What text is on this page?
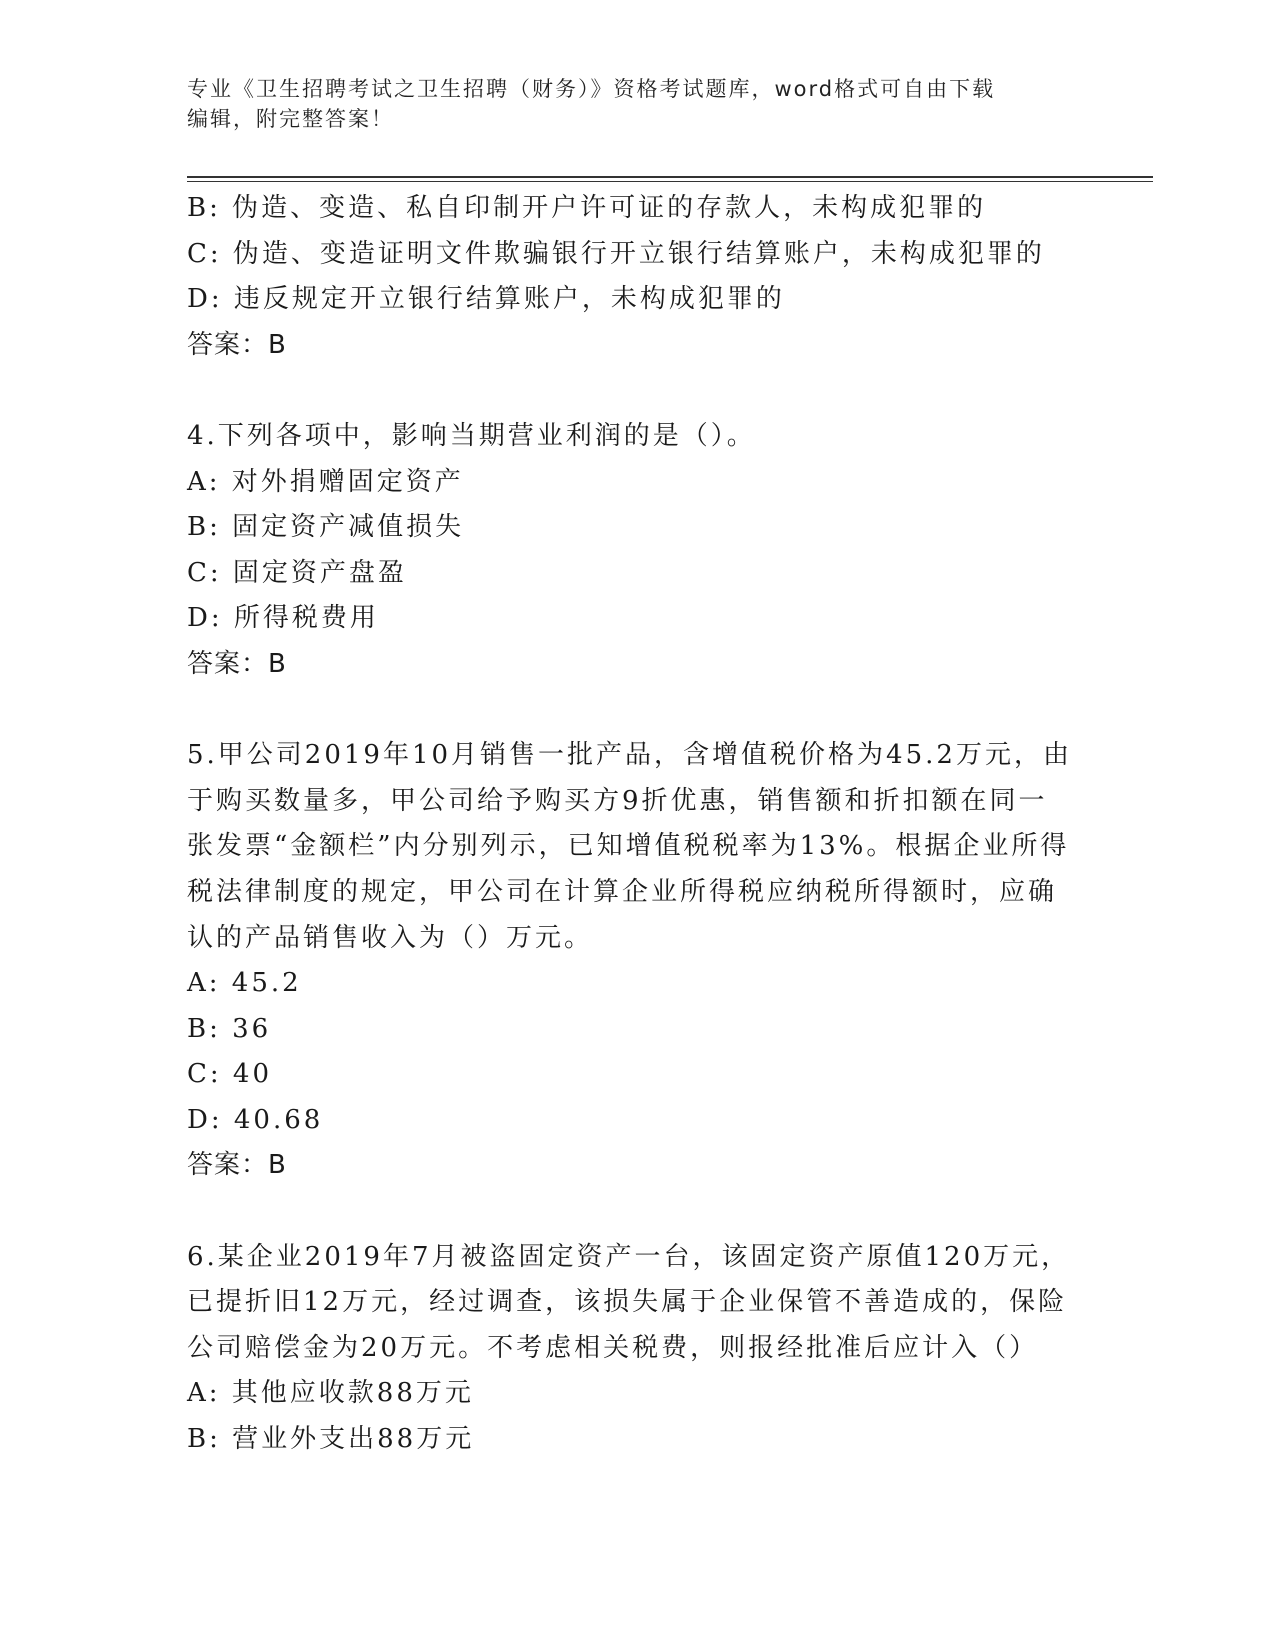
专业《卫生招聘考试之卫生招聘（财务）》资格考试题库，word格式可自由下载
编辑，附完整答案！
B: 伪造、变造、私自印制开户许可证的存款人，未构成犯罪的
C: 伪造、变造证明文件欺骗银行开立银行结算账户，未构成犯罪的
D: 违反规定开立银行结算账户，未构成犯罪的
答案：B
4.下列各项中，影响当期营业利润的是（）。
A: 对外捐赠固定资产
B: 固定资产减值损失
C: 固定资产盘盈
D: 所得税费用
答案：B
5.甲公司2019年10月销售一批产品，含增值税价格为45.2万元，由
于购买数量多，甲公司给予购买方9折优惠，销售额和折扣额在同一
张发票“金额栏”内分别列示，已知增值税税率为13%。根据企业所得
税法律制度的规定，甲公司在计算企业所得税应纳税所得额时，应确
认的产品销售收入为（）万元。
A: 45.2
B: 36
C: 40
D: 40.68
答案：B
6.某企业2019年7月被盗固定资产一台，该固定资产原值120万元，
已提折旧12万元，经过调查，该损失属于企业保管不善造成的，保险
公司赔偿金为20万元。不考虑相关税费，则报经批准后应计入（）
A: 其他应收款88万元
B: 营业外支出88万元
